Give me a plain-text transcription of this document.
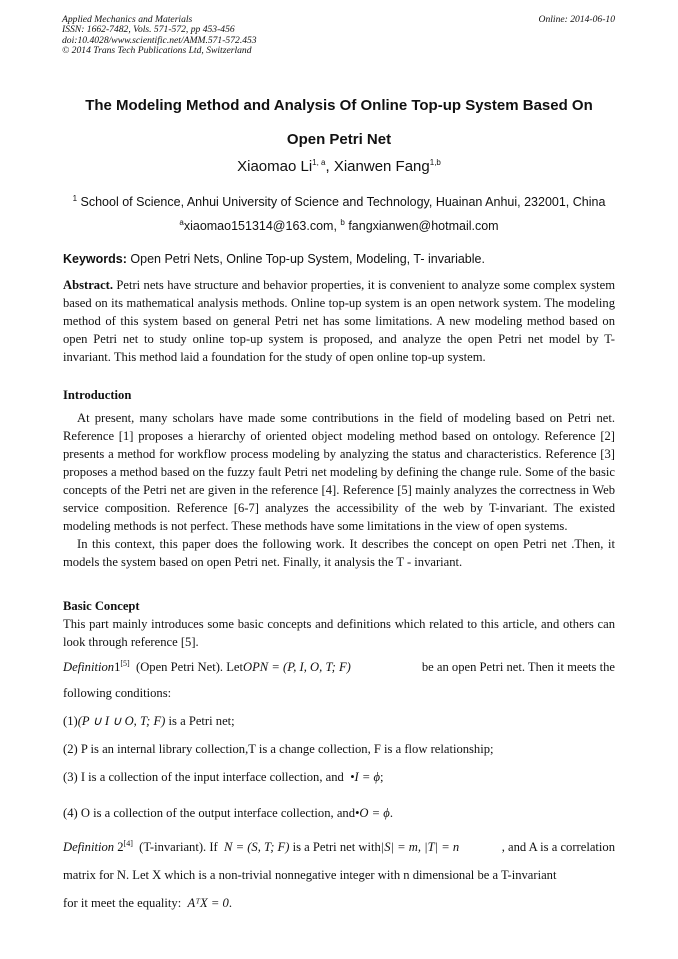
Applied Mechanics and Materials
ISSN: 1662-7482, Vols. 571-572, pp 453-456
doi:10.4028/www.scientific.net/AMM.571-572.453
© 2014 Trans Tech Publications Ltd, Switzerland
Online: 2014-06-10
The Modeling Method and Analysis Of Online Top-up System Based On
Open Petri Net
Xiaomao Li$^{1, a}$, Xianwen Fang$^{1,b}$
$^1$ School of Science, Anhui University of Science and Technology, Huainan Anhui, 232001, China
$^a$xiaomao151314@163.com, $^b$ fangxianwen@hotmail.com
Keywords: Open Petri Nets, Online Top-up System, Modeling, T- invariable.

Abstract. Petri nets have structure and behavior properties, it is convenient to analyze some complex system based on its mathematical analysis methods. Online top-up system is an open network system. The modeling method of this system based on general Petri net has some limitations. A new modeling method based on open Petri net to study online top-up system is proposed, and analyze the open Petri net model by T-invariant. This method laid a foundation for the study of open online top-up system.

Introduction

At present, many scholars have made some contributions in the field of modeling based on Petri net. Reference [1] proposes a hierarchy of oriented object modeling method based on ontology. Reference [2] presents a method for workflow process modeling by analyzing the status and characteristics. Reference [3] proposes a method based on the fuzzy fault Petri net modeling by defining the change rule. Some of the basic concepts of the Petri net are given in the reference [4]. Reference [5] mainly analyzes the correctness in Web service composition. Reference [6-7] analyzes the accessibility of the web by T-invariant. The existed modeling methods is not perfect. These methods have some limitations in the view of open systems.

In this context, this paper does the following work. It describes the concept on open Petri net .Then, it models the system based on open Petri net. Finally, it analysis the T - invariant.

Basic Concept

This part mainly introduces some basic concepts and definitions which related to this article, and others can look through reference [5].

Definition1[5] (Open Petri Net). LetOPN = (P, I, O, T; F)	be an open Petri net. Then it meets the
following conditions:
(1)(P ∪ I ∪ O, T; F) is a Petri net;
(2) P is an internal library collection,T is a change collection, F is a flow relationship;
(3) I is a collection of the input interface collection, and •I = ϕ;
(4) O is a collection of the output interface collection, and•O = ϕ.
Definition 2[4] (T-invariant). If N = (S, T; F) is a Petri net with|S| = m, |T| = n	, and A is a correlation
matrix for N. Let X which is a non-trivial nonnegative integer with n dimensional be a T-invariant
for it meet the equality: AᵀX = 0.
